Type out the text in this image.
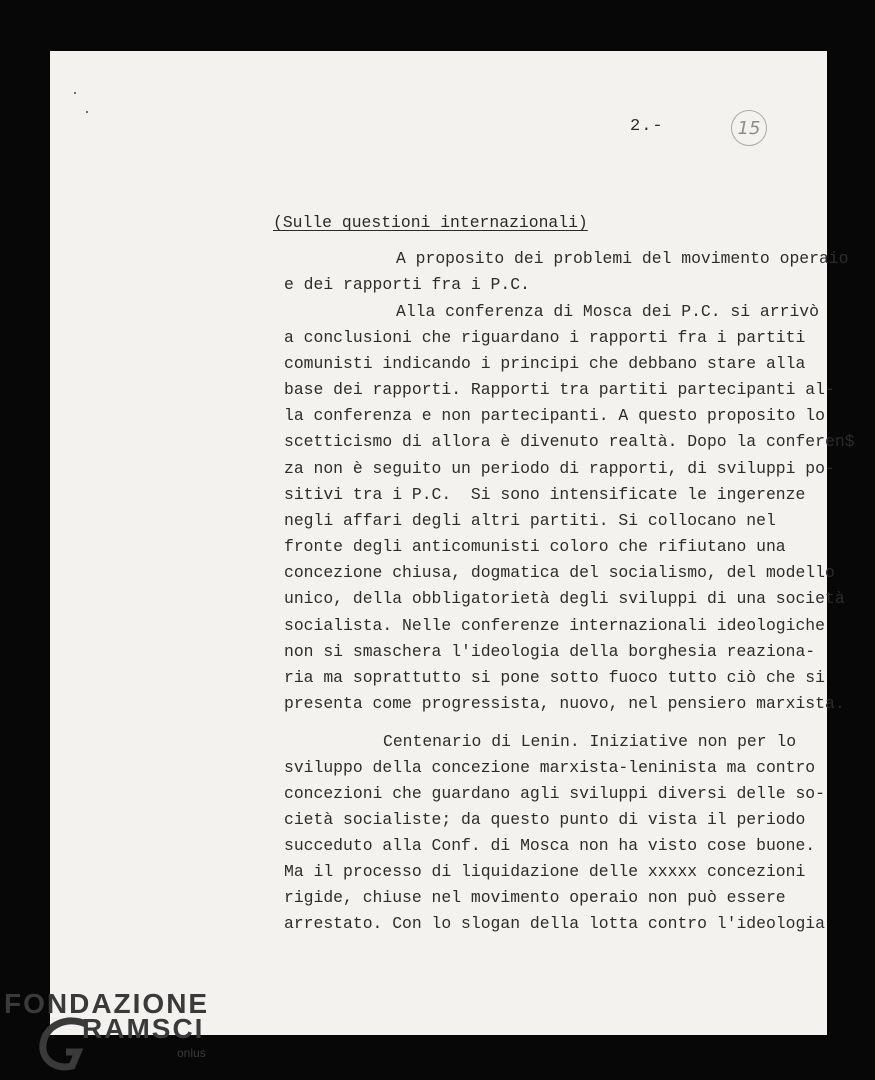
2.-	15
(Sulle questioni internazionali)
A proposito dei problemi del movimento operaio
e dei rapporti fra i P.C.
Alla conferenza di Mosca dei P.C. si arrivò
a conclusioni che riguardano i rapporti fra i partiti
comunisti indicando i principi che debbano stare alla
base dei rapporti. Rapporti tra partiti partecipanti al-
la conferenza e non partecipanti. A questo proposito lo
scetticismo di allora è divenuto realtà. Dopo la conferen$
za non è seguito un periodo di rapporti, di sviluppi po-
sitivi tra i P.C.  Si sono intensificate le ingerenze
negli affari degli altri partiti. Si collocano nel
fronte degli anticomunisti coloro che rifiutano una
concezione chiusa, dogmatica del socialismo, del modello
unico, della obbligatorietà degli sviluppi di una società
socialista. Nelle conferenze internazionali ideologiche
non si smaschera l'ideologia della borghesia reaziona-
ria ma soprattutto si pone sotto fuoco tutto ciò che si
presenta come progressista, nuovo, nel pensiero marxista.
Centenario di Lenin. Iniziative non per lo
sviluppo della concezione marxista-leninista ma contro
concezioni che guardano agli sviluppi diversi delle so-
cietà socialiste; da questo punto di vista il periodo
succeduto alla Conf. di Mosca non ha visto cose buone.
Ma il processo di liquidazione delle xxxxx concezioni
rigide, chiuse nel movimento operaio non può essere
arrestato. Con lo slogan della lotta contro l'ideologia
FONDAZIONE
RAMSCI
onlus
